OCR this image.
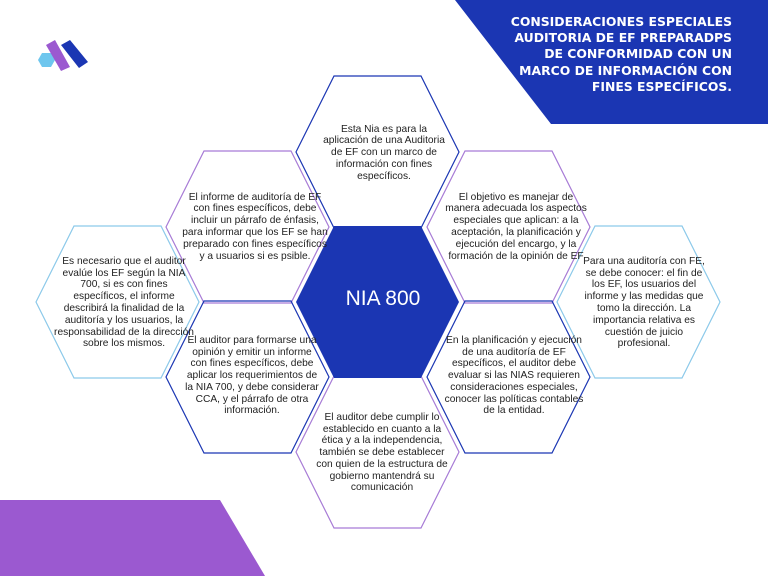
CONSIDERACIONES ESPECIALES AUDITORIA DE EF PREPARADPS DE CONFORMIDAD CON UN MARCO DE INFORMACIÓN CON FINES ESPECÍFICOS.
NIA 800
Esta Nia es para la aplicación de una Auditoria de EF con un marco de información con fines específicos.
El informe de auditoría de EF con fines específicos, debe incluir un párrafo de énfasis, para informar que los EF se han preparado con fines específicos y a usuarios si es psible.
El objetivo es manejar de manera adecuada los aspectos especiales que aplican: a la aceptación, la planificación y ejecución del encargo, y la formación de la opinión de EF
Es necesario que el auditor evalúe los EF según la NIA 700, si es con fines específicos, el informe describirá la finalidad de la auditoría y los usuarios, la responsabilidad de la dirección sobre los mismos.
Para una auditoría con FE, se debe conocer: el fin de los EF, los usuarios del informe y las medidas que tomo la dirección. La importancia relativa es cuestión de juicio profesional.
El auditor para formarse una opinión y emitir un informe con fines específicos, debe aplicar los requerimientos de la NIA 700, y debe considerar CCA, y el párrafo de otra información.
En la planificación y ejecución de una auditoría de EF específicos, el auditor debe evaluar si las NIAS requieren consideraciones especiales, conocer las políticas contables de la entidad.
El auditor debe cumplir lo establecido en cuanto a la ética y a la independencia, también se debe establecer con quien de la estructura de gobierno mantendrá su comunicación
